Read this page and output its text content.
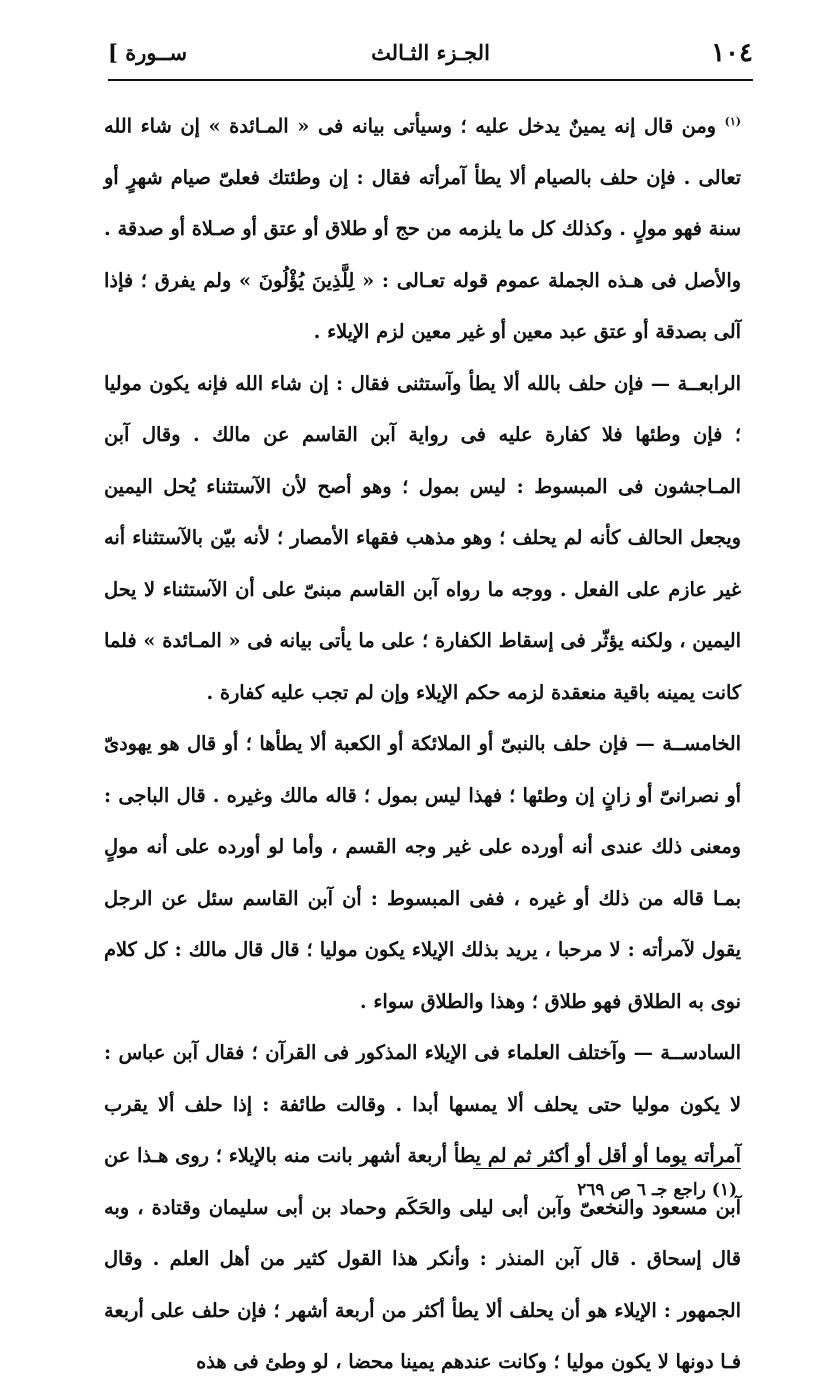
١٠٤
الجـزء الثـالث
[ ســورة

$^{(١)}$ ومن قال إنه يمينٌ يدخل عليه ؛ وسيأتى بيانه فى « المـائدة » إن شاء الله تعالى . فإن حلف بالصيام ألا يطأ آمرأته فقال : إن وطئتك فعلىّ صيام شهرٍ أو سنة فهو مولٍ . وكذلك كل ما يلزمه من حج أو طلاق أو عتق أو صـلاة أو صدقة . والأصل فى هـذه الجملة عموم قوله تعـالى : « لِلَّذِينَ يُؤْلُونَ » ولم يفرق ؛ فإذا آلى بصدقة أو عتق عبد معين أو غير معين لزم الإيلاء .

الرابعــة — فإن حلف بالله ألا يطأ وآستثنى فقال : إن شاء الله فإنه يكون موليا ؛ فإن وطئها فلا كفارة عليه فى رواية آبن القاسم عن مالك . وقال آبن المـاجشون فى المبسوط : ليس بمول ؛ وهو أصح لأن الآستثناء يُحل اليمين ويجعل الحالف كأنه لم يحلف ؛ وهو مذهب فقهاء الأمصار ؛ لأنه بيّن بالآستثناء أنه غير عازم على الفعل . ووجه ما رواه آبن القاسم مبنىّ على أن الآستثناء لا يحل اليمين ، ولكنه يؤثّر فى إسقاط الكفارة ؛ على ما يأتى بيانه فى « المـائدة » فلما كانت يمينه باقية منعقدة لزمه حكم الإيلاء وإن لم تجب عليه كفارة .

الخامســة — فإن حلف بالنبىّ أو الملائكة أو الكعبة ألا يطأها ؛ أو قال هو يهودىّ أو نصرانىّ أو زانٍ إن وطئها ؛ فهذا ليس بمول ؛ قاله مالك وغيره . قال الباجى : ومعنى ذلك عندى أنه أورده على غير وجه القسم ، وأما لو أورده على أنه مولٍ بمـا قاله من ذلك أو غيره ، ففى المبسوط : أن آبن القاسم سئل عن الرجل يقول لآمرأته : لا مرحبا ، يريد بذلك الإيلاء يكون موليا ؛ قال قال مالك : كل كلام نوى به الطلاق فهو طلاق ؛ وهذا والطلاق سواء .

السادســة — وآختلف العلماء فى الإيلاء المذكور فى القرآن ؛ فقال آبن عباس : لا يكون موليا حتى يحلف ألا يمسها أبدا . وقالت طائفة : إذا حلف ألا يقرب آمرأته يوما أو أقل أو أكثر ثم لم يطأ أربعة أشهر بانت منه بالإيلاء ؛ روى هـذا عن آبن مسعود والنخعىّ وآبن أبى ليلى والحَكَم وحماد بن أبى سليمان وقتادة ، وبه قال إسحاق . قال آبن المنذر : وأنكر هذا القول كثير من أهل العلم . وقال الجمهور : الإيلاء هو أن يحلف ألا يطأ أكثر من أربعة أشهر ؛ فإن حلف على أربعة فـا دونها لا يكون موليا ؛ وكانت عندهم يمينا محضا ، لو وطئ فى هذه

(١) راجع جـ ٦ ص ٢٦٩
